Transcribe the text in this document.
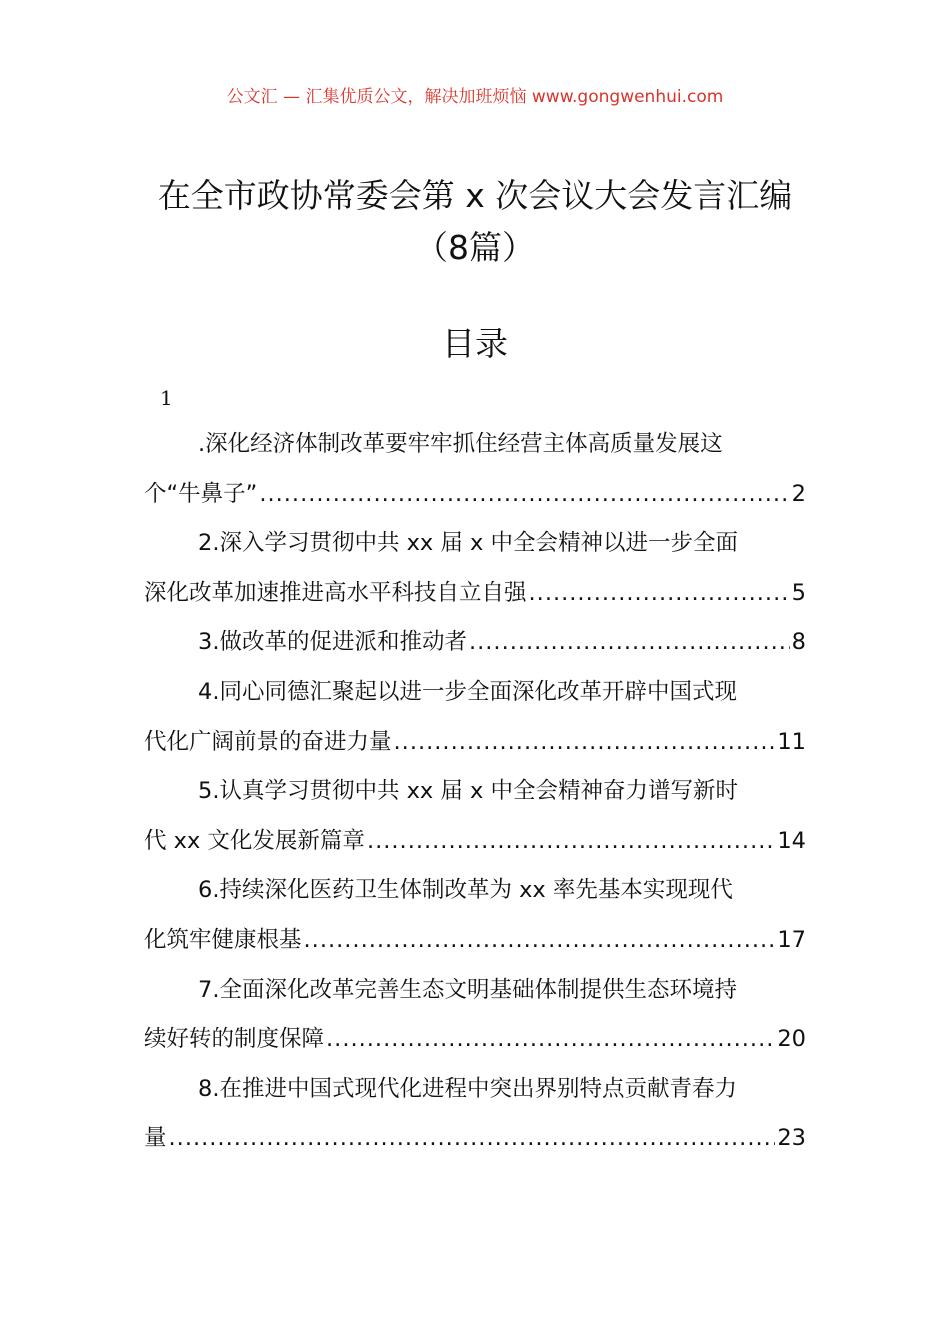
公文汇 — 汇集优质公文，解决加班烦恼 www.gongwenhui.com
在全市政协常委会第 x 次会议大会发言汇编（8篇）
目录
1
.深化经济体制改革要牢牢抓住经营主体高质量发展这
个“牛鼻子” .....	2
2.深入学习贯彻中共 xx 届 x 中全会精神以进一步全面
深化改革加速推进高水平科技自立自强 .....	5
3.做改革的促进派和推动者 .....	8
4.同心同德汇聚起以进一步全面深化改革开辟中国式现
代化广阔前景的奋进力量 .....	11
5.认真学习贯彻中共 xx 届 x 中全会精神奋力谱写新时
代 xx 文化发展新篇章 .....	14
6.持续深化医药卫生体制改革为 xx 率先基本实现现代
化筑牢健康根基 .....	17
7.全面深化改革完善生态文明基础体制提供生态环境持
续好转的制度保障 .....	20
8.在推进中国式现代化进程中突出界别特点贡献青春力
量 .....	23
